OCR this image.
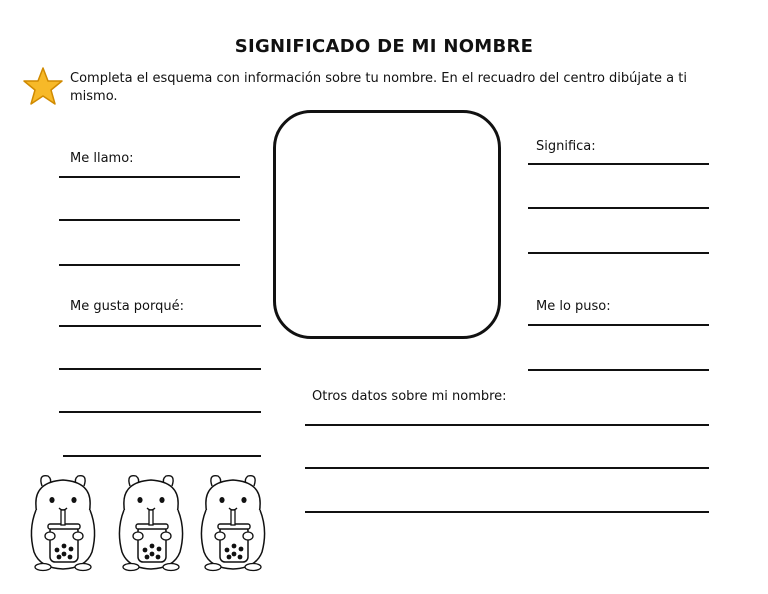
SIGNIFICADO DE MI NOMBRE
Completa el esquema con información sobre tu nombre. En el recuadro del centro dibújate a ti mismo.
Me llamo:
Significa:
Me gusta porqué:	Me lo puso:
Otros datos sobre mi nombre:
